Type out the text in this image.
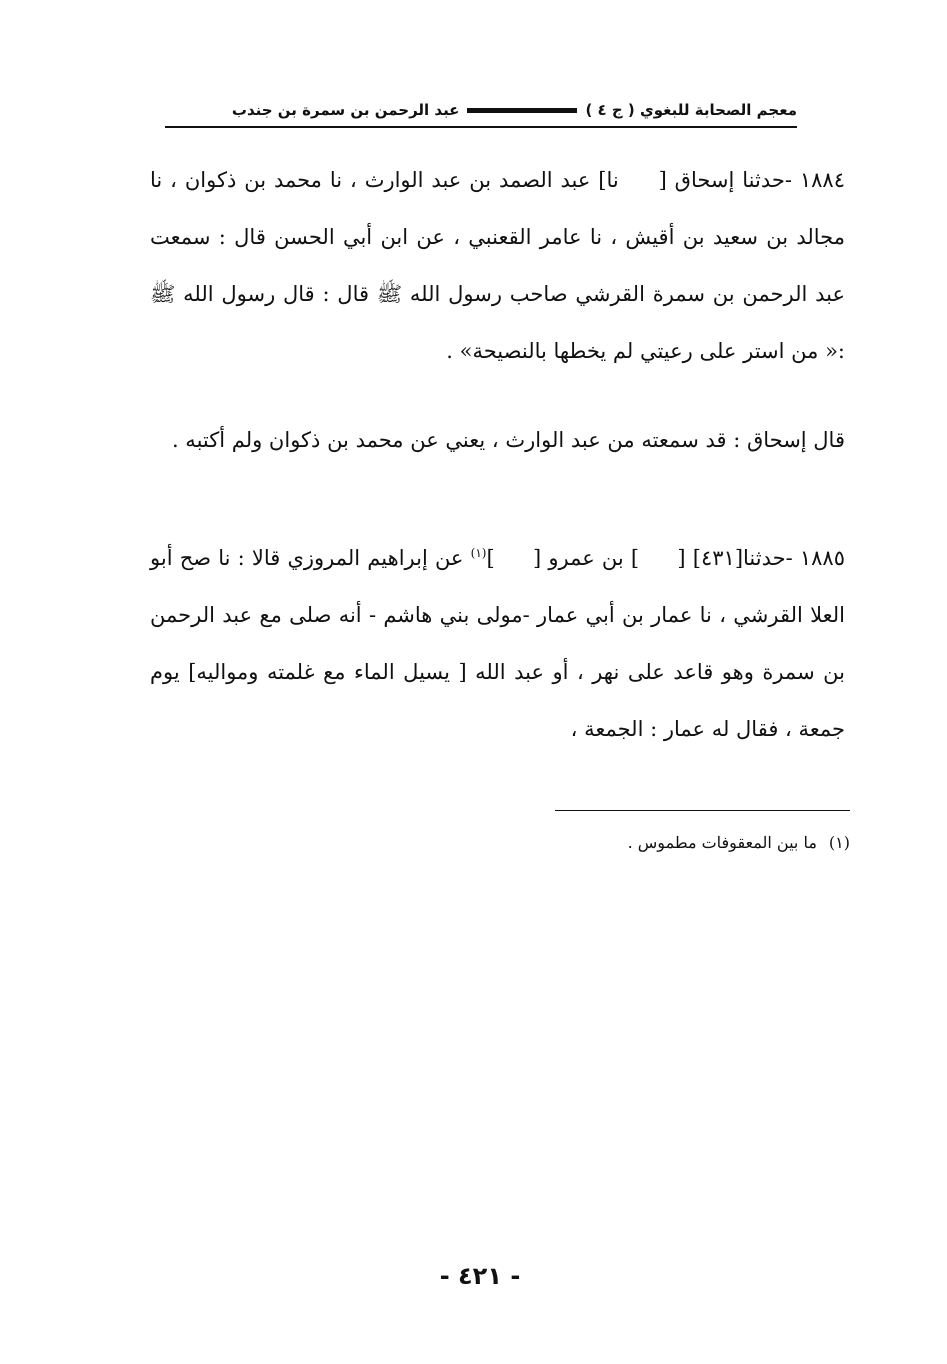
معجم الصحابة للبغوي ( ج ٤ )
عبد الرحمن بن سمرة بن جندب

١٨٨٤ -حدثنا إسحاق [  نا] عبد الصمد بن عبد الوارث ، نا محمد بن ذكوان ، نا مجالد بن سعيد بن أقيش ، نا عامر القعنبي ، عن ابن أبي الحسن قال : سمعت عبد الرحمن بن سمرة القرشي صاحب رسول الله ﷺ قال : قال رسول الله ﷺ :« من استر على رعيتي لم يخطها بالنصيحة» .

قال إسحاق : قد سمعته من عبد الوارث ، يعني عن محمد بن ذكوان ولم أكتبه .

١٨٨٥ -حدثنا[٤٣١] [  ] بن عمرو [  ]$^{(١)}$ عن إبراهيم المروزي قالا : نا صح أبو العلا القرشي ، نا عمار بن أبي عمار -مولى بني هاشم - أنه صلى مع عبد الرحمن بن سمرة وهو قاعد على نهر ، أو عبد الله [ يسيل الماء مع غلمته ومواليه] يوم جمعة ، فقال له عمار : الجمعة ،

(١)ما بين المعقوفات مطموس .
- ٤٢١ -
